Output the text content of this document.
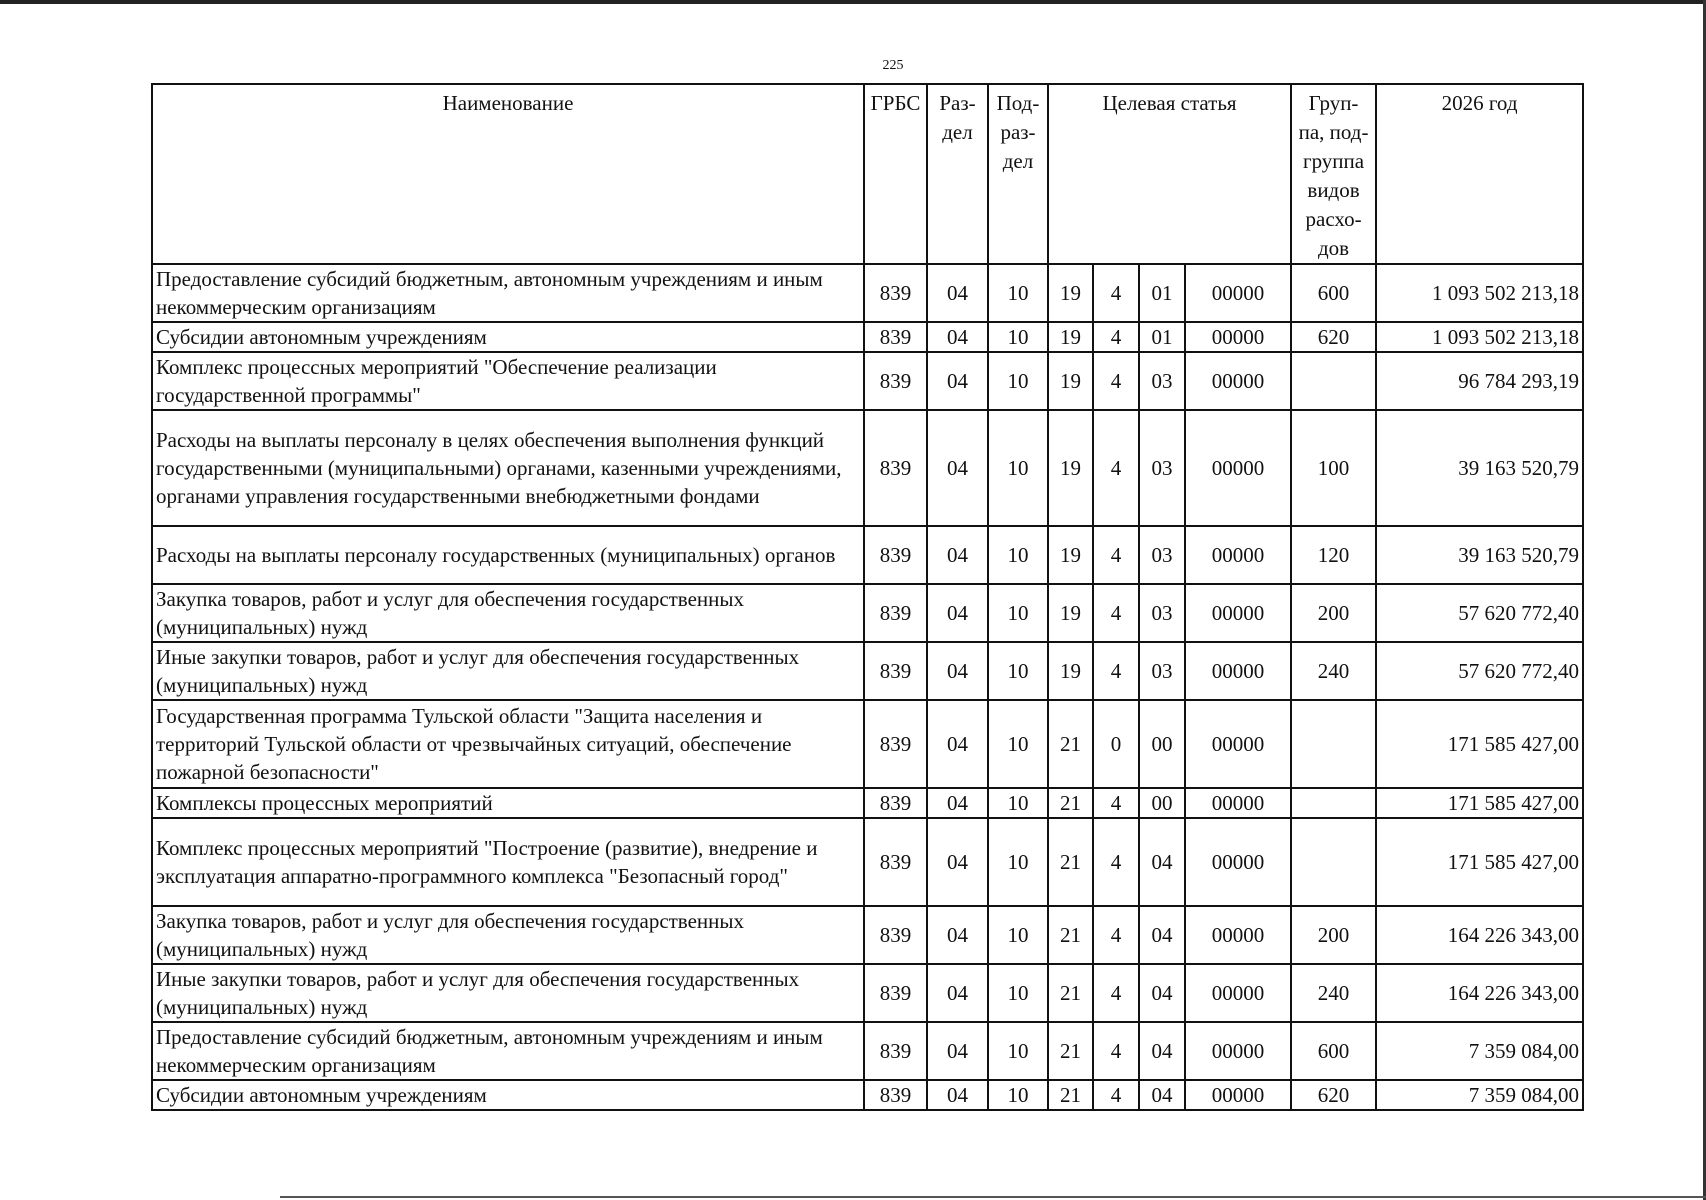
225
Наименование	ГРБС	Раз- дел	Под- раз- дел	Целевая статья				Груп- па, под- группа видов расхо- дов	2026 год
Предоставление субсидий бюджетным, автономным учреждениям и иным некоммерческим организациям	839	04	10	19	4	01	00000	600	1 093 502 213,18
Субсидии автономным учреждениям	839	04	10	19	4	01	00000	620	1 093 502 213,18
Комплекс процессных мероприятий "Обеспечение реализации государственной программы"	839	04	10	19	4	03	00000		96 784 293,19
Расходы на выплаты персоналу в целях обеспечения выполнения функций государственными (муниципальными) органами, казенными учреждениями, органами управления государственными внебюджетными фондами	839	04	10	19	4	03	00000	100	39 163 520,79
Расходы на выплаты персоналу государственных (муниципальных) органов	839	04	10	19	4	03	00000	120	39 163 520,79
Закупка товаров, работ и услуг для обеспечения государственных (муниципальных) нужд	839	04	10	19	4	03	00000	200	57 620 772,40
Иные закупки товаров, работ и услуг для обеспечения государственных (муниципальных) нужд	839	04	10	19	4	03	00000	240	57 620 772,40
Государственная программа Тульской области "Защита населения и территорий Тульской области от чрезвычайных ситуаций, обеспечение пожарной безопасности"	839	04	10	21	0	00	00000		171 585 427,00
Комплексы процессных мероприятий	839	04	10	21	4	00	00000		171 585 427,00
Комплекс процессных мероприятий "Построение (развитие), внедрение и эксплуатация аппаратно-программного комплекса "Безопасный город"	839	04	10	21	4	04	00000		171 585 427,00
Закупка товаров, работ и услуг для обеспечения государственных (муниципальных) нужд	839	04	10	21	4	04	00000	200	164 226 343,00
Иные закупки товаров, работ и услуг для обеспечения государственных (муниципальных) нужд	839	04	10	21	4	04	00000	240	164 226 343,00
Предоставление субсидий бюджетным, автономным учреждениям и иным некоммерческим организациям	839	04	10	21	4	04	00000	600	7 359 084,00
Субсидии автономным учреждениям	839	04	10	21	4	04	00000	620	7 359 084,00
